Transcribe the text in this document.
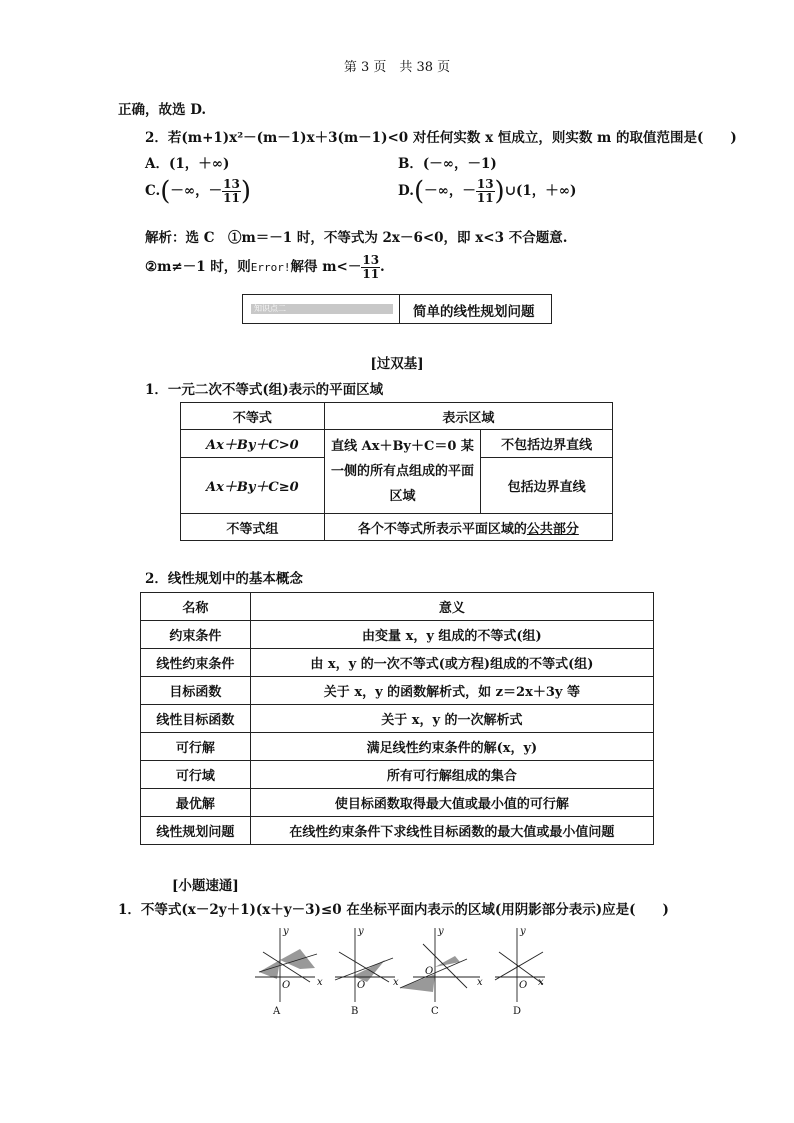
第 3 页　共 38 页
正确，故选 D.
2．若(m+1)x²－(m－1)x＋3(m－1)<0 对任何实数 x 恒成立，则实数 m 的取值范围是(　　)
A．(1，＋∞)	B．(－∞，－1)
C.(－∞，－ $\frac{13}{11}$ )	D.(－∞，－ $\frac{13}{11}$ )∪(1，＋∞)
解析：选 C　①m＝－1 时，不等式为 2x－6<0，即 x<3 不合题意.
②m≠－1 时，则Error!解得 $m<- \frac{13}{11}$ .
知识点二	简单的线性规划问题
[过双基]
1．一元二次不等式(组)表示的平面区域
不等式	表示区域	
Ax＋By＋C>0	直线 Ax＋By＋C＝0 某一侧的所有点组成的平面区域	不包括边界直线
Ax＋By＋C≥0		包括边界直线
不等式组	各个不等式所表示平面区域的公共部分	
2．线性规划中的基本概念
名称	意义
约束条件	由变量 x，y 组成的不等式(组)
线性约束条件	由 x，y 的一次不等式(或方程)组成的不等式(组)
目标函数	关于 x，y 的函数解析式，如 z＝2x＋3y 等
线性目标函数	关于 x，y 的一次解析式
可行解	满足线性约束条件的解(x，y)
可行域	所有可行解组成的集合
最优解	使目标函数取得最大值或最小值的可行解
线性规划问题	在线性约束条件下求线性目标函数的最大值或最小值问题
[小题速通]
1．不等式(x－2y＋1)(x＋y－3)≤0 在坐标平面内表示的区域(用阴影部分表示)应是(　　)
y
x
O
y
x
O
y
x
O
y
x
O
A	B	C	D
